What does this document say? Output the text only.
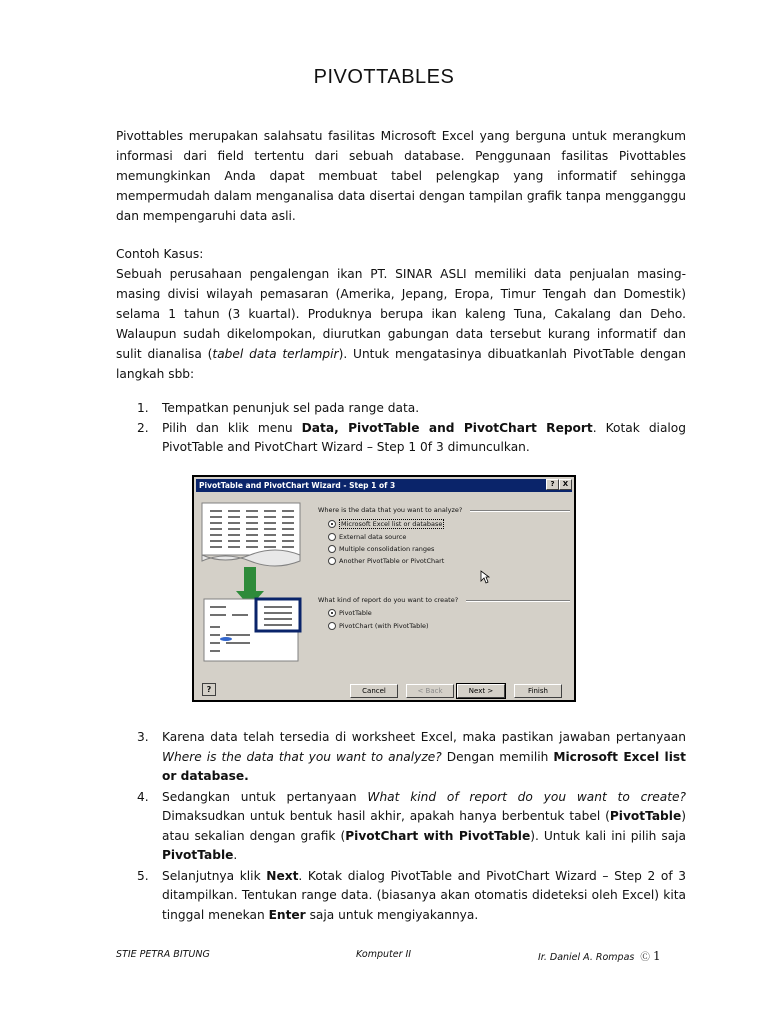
PIVOTTABLES
Pivottables merupakan salahsatu fasilitas Microsoft Excel yang berguna untuk merangkum informasi dari field tertentu dari sebuah database. Penggunaan fasilitas Pivottables memungkinkan Anda dapat membuat tabel pelengkap yang informatif sehingga mempermudah dalam menganalisa data disertai dengan tampilan grafik tanpa mengganggu dan mempengaruhi data asli.
Contoh Kasus:
Sebuah perusahaan pengalengan ikan PT. SINAR ASLI memiliki data penjualan masing-masing divisi wilayah pemasaran (Amerika, Jepang, Eropa, Timur Tengah dan Domestik) selama 1 tahun (3 kuartal). Produknya berupa ikan kaleng Tuna, Cakalang dan Deho. Walaupun sudah dikelompokan, diurutkan gabungan data tersebut kurang informatif dan sulit dianalisa (tabel data terlampir). Untuk mengatasinya dibuatkanlah PivotTable dengan langkah sbb:
1. Tempatkan penunjuk sel pada range data.
2. Pilih dan klik menu Data, PivotTable and PivotChart Report. Kotak dialog PivotTable and PivotChart Wizard – Step 1 0f 3 dimunculkan.
PivotTable and PivotChart Wizard - Step 1 of 3	?	X
Where is the data that you want to analyze?
Microsoft Excel list or database
External data source
Multiple consolidation ranges
Another PivotTable or PivotChart
What kind of report do you want to create?
PivotTable
PivotChart (with PivotTable)
?	Cancel	< Back	Next >	Finish
3. Karena data telah tersedia di worksheet Excel, maka pastikan jawaban pertanyaan Where is the data that you want to analyze? Dengan memilih Microsoft Excel list or database.
4. Sedangkan untuk pertanyaan What kind of report do you want to create? Dimaksudkan untuk bentuk hasil akhir, apakah hanya berbentuk tabel (PivotTable) atau sekalian dengan grafik (PivotChart with PivotTable). Untuk kali ini pilih saja PivotTable.
5. Selanjutnya klik Next. Kotak dialog PivotTable and PivotChart Wizard – Step 2 of 3 ditampilkan. Tentukan range data. (biasanya akan otomatis dideteksi oleh Excel) kita tinggal menekan Enter saja untuk mengiyakannya.
STIE PETRA BITUNG	Komputer II	Ir. Daniel A. Rompas Ⓒ 1
